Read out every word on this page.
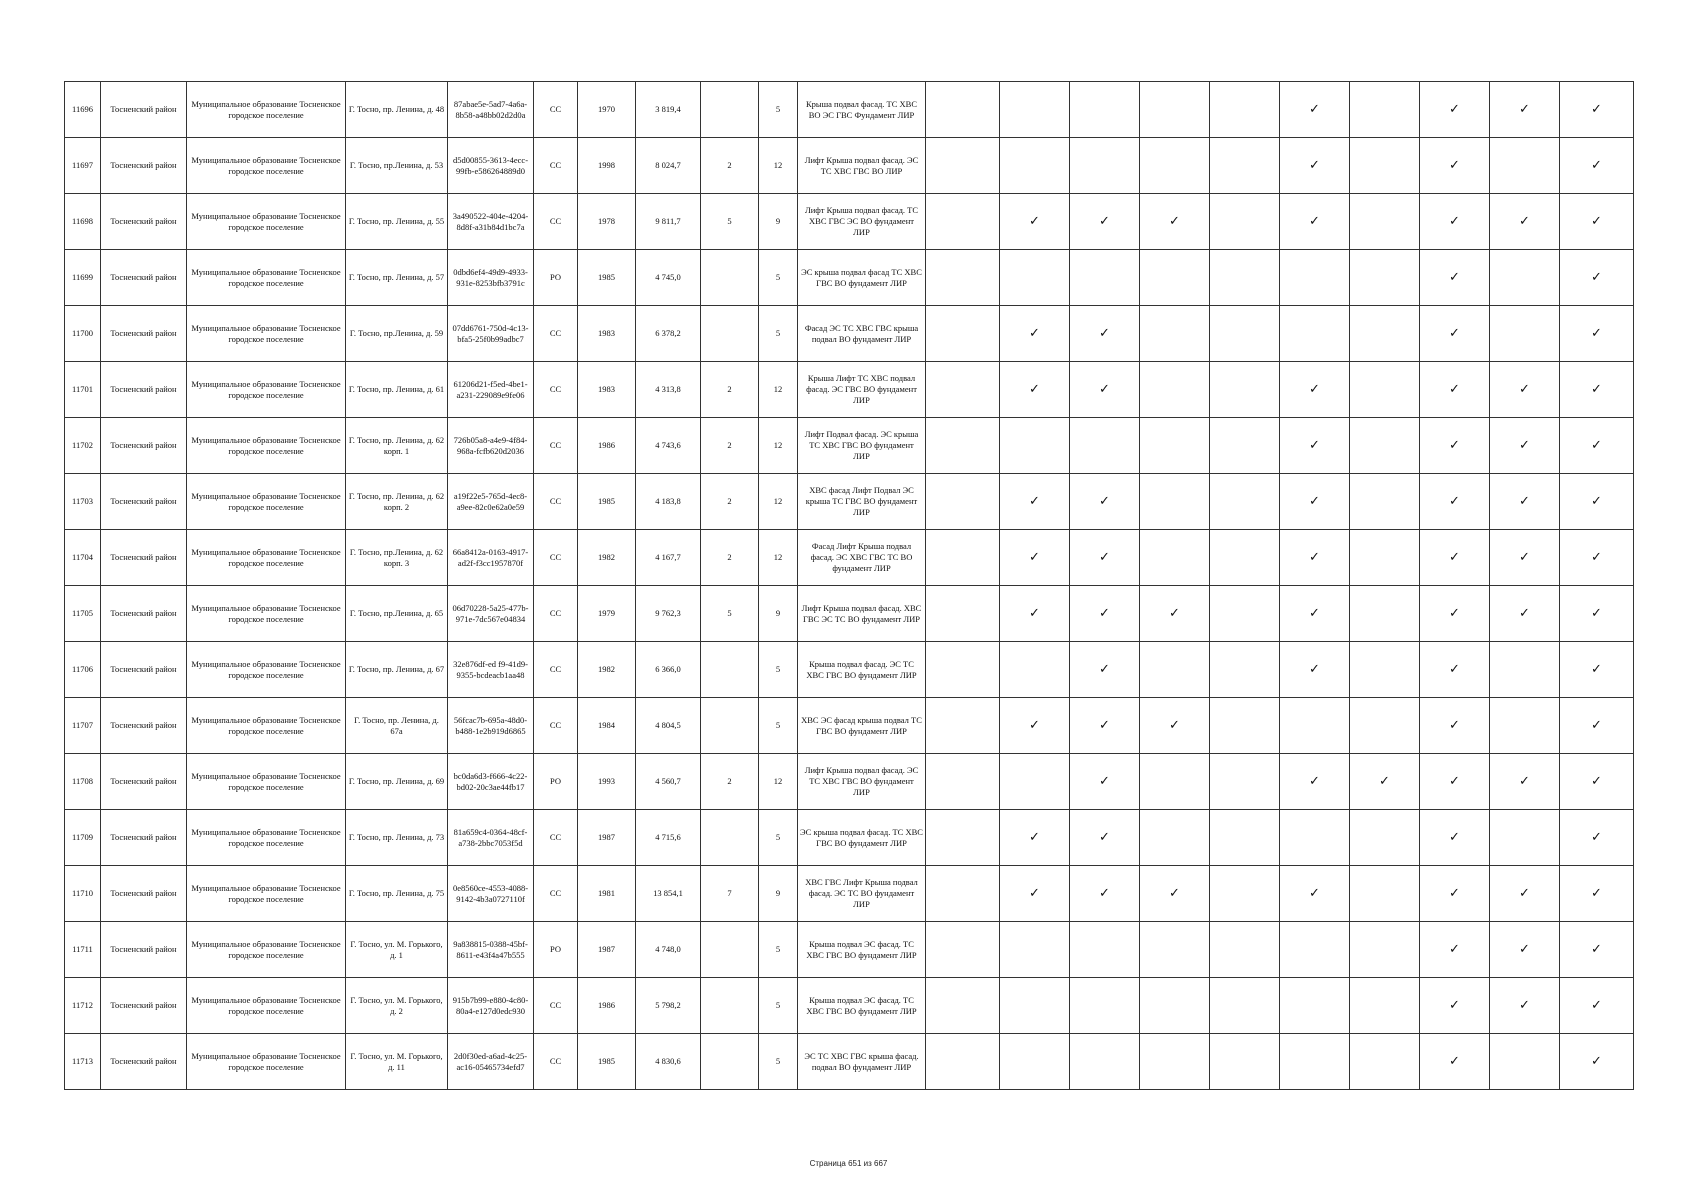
11696	Тосненский район	Муниципальное образование Тосненское городское поселение	Г. Тосно, пр. Ленина, д. 48	87abae5e-5ad7-4a6a-8b58-a48bb02d2d0a	СС	1970	3 819,4		5	Крыша подвал фасад. ТС ХВС ВО ЭС ГВС Фундамент ЛИР						✓		✓	✓	✓
11697	Тосненский район	Муниципальное образование Тосненское городское поселение	Г. Тосно, пр.Ленина, д. 53	d5d00855-3613-4ecc-99fb-e586264889d0	СС	1998	8 024,7	2	12	Лифт Крыша подвал фасад. ЭС ТС ХВС ГВС ВО ЛИР						✓		✓		✓
11698	Тосненский район	Муниципальное образование Тосненское городское поселение	Г. Тосно, пр. Ленина, д. 55	3a490522-404e-4204-8d8f-a31b84d1bc7a	СС	1978	9 811,7	5	9	Лифт Крыша подвал фасад. ТС ХВС ГВС ЭС ВО фундамент ЛИР		✓	✓	✓		✓		✓	✓	✓
11699	Тосненский район	Муниципальное образование Тосненское городское поселение	Г. Тосно, пр. Ленина, д. 57	0dbd6ef4-49d9-4933-931e-8253bfb3791c	РО	1985	4 745,0		5	ЭС крыша подвал фасад ТС ХВС ГВС ВО фундамент ЛИР								✓		✓
11700	Тосненский район	Муниципальное образование Тосненское городское поселение	Г. Тосно, пр.Ленина, д. 59	07dd6761-750d-4c13-bfa5-25f0b99adbc7	СС	1983	6 378,2		5	Фасад ЭС ТС ХВС ГВС крыша подвал ВО фундамент ЛИР		✓	✓					✓		✓
11701	Тосненский район	Муниципальное образование Тосненское городское поселение	Г. Тосно, пр. Ленина, д. 61	61206d21-f5ed-4be1-a231-229089e9fe06	СС	1983	4 313,8	2	12	Крыша Лифт ТС ХВС подвал фасад. ЭС ГВС ВО фундамент ЛИР		✓	✓			✓		✓	✓	✓
11702	Тосненский район	Муниципальное образование Тосненское городское поселение	Г. Тосно, пр. Ленина, д. 62 корп. 1	726b05a8-a4e9-4f84-968a-fcfb620d2036	СС	1986	4 743,6	2	12	Лифт Подвал фасад. ЭС крыша ТС ХВС ГВС ВО фундамент ЛИР						✓		✓	✓	✓
11703	Тосненский район	Муниципальное образование Тосненское городское поселение	Г. Тосно, пр. Ленина, д. 62 корп. 2	a19f22e5-765d-4ec8-a9ee-82c0e62a0e59	СС	1985	4 183,8	2	12	ХВС фасад Лифт Подвал ЭС крыша ТС ГВС ВО фундамент ЛИР		✓	✓			✓		✓	✓	✓
11704	Тосненский район	Муниципальное образование Тосненское городское поселение	Г. Тосно, пр.Ленина, д. 62 корп. 3	66a8412a-0163-4917-ad2f-f3cc1957870f	СС	1982	4 167,7	2	12	Фасад Лифт Крыша подвал фасад. ЭС ХВС ГВС ТС ВО фундамент ЛИР		✓	✓			✓		✓	✓	✓
11705	Тосненский район	Муниципальное образование Тосненское городское поселение	Г. Тосно, пр.Ленина, д. 65	06d70228-5a25-477b-971e-7dc567e04834	СС	1979	9 762,3	5	9	Лифт Крыша подвал фасад. ХВС ГВС ЭС ТС ВО фундамент ЛИР		✓	✓	✓		✓		✓	✓	✓
11706	Тосненский район	Муниципальное образование Тосненское городское поселение	Г. Тосно, пр. Ленина, д. 67	32e876df-ed f9-41d9-9355-bcdeacb1aa48	СС	1982	6 366,0		5	Крыша подвал фасад. ЭС ТС ХВС ГВС ВО фундамент ЛИР			✓			✓		✓		✓
11707	Тосненский район	Муниципальное образование Тосненское городское поселение	Г. Тосно, пр. Ленина, д. 67а	56fcac7b-695a-48d0-b488-1e2b919d6865	СС	1984	4 804,5		5	ХВС ЭС фасад крыша подвал ТС ГВС ВО фундамент ЛИР		✓	✓	✓				✓		✓
11708	Тосненский район	Муниципальное образование Тосненское городское поселение	Г. Тосно, пр. Ленина, д. 69	bc0da6d3-f666-4c22-bd02-20c3ae44fb17	РО	1993	4 560,7	2	12	Лифт Крыша подвал фасад. ЭС ТС ХВС ГВС ВО фундамент ЛИР			✓			✓	✓	✓	✓	✓
11709	Тосненский район	Муниципальное образование Тосненское городское поселение	Г. Тосно, пр. Ленина, д. 73	81a659c4-0364-48cf-a738-2bbc7053f5d	СС	1987	4 715,6		5	ЭС крыша подвал фасад. ТС ХВС ГВС ВО фундамент ЛИР		✓	✓					✓		✓
11710	Тосненский район	Муниципальное образование Тосненское городское поселение	Г. Тосно, пр. Ленина, д. 75	0e8560ce-4553-4088-9142-4b3a0727110f	СС	1981	13 854,1	7	9	ХВС ГВС Лифт Крыша подвал фасад. ЭС ТС ВО фундамент ЛИР		✓	✓	✓		✓		✓	✓	✓
11711	Тосненский район	Муниципальное образование Тосненское городское поселение	Г. Тосно, ул. М. Горького, д. 1	9a838815-0388-45bf-8611-e43f4a47b555	РО	1987	4 748,0		5	Крыша подвал ЭС фасад. ТС ХВС ГВС ВО фундамент ЛИР								✓	✓	✓
11712	Тосненский район	Муниципальное образование Тосненское городское поселение	Г. Тосно, ул. М. Горького, д. 2	915b7b99-e880-4c80-80a4-e127d0edc930	СС	1986	5 798,2		5	Крыша подвал ЭС фасад. ТС ХВС ГВС ВО фундамент ЛИР								✓	✓	✓
11713	Тосненский район	Муниципальное образование Тосненское городское поселение	Г. Тосно, ул. М. Горького, д. 11	2d0f30ed-a6ad-4c25-ac16-05465734efd7	СС	1985	4 830,6		5	ЭС ТС ХВС ГВС крыша фасад. подвал ВО фундамент ЛИР								✓		✓
Страница 651 из 667
